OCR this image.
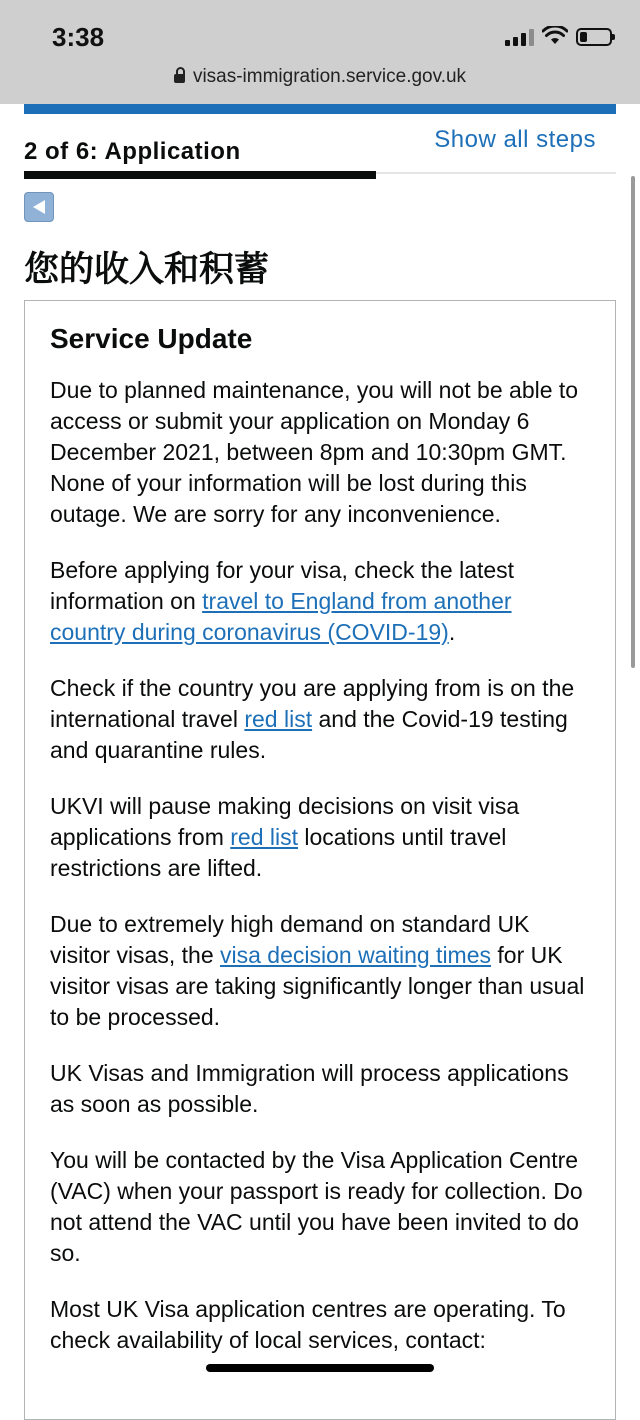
3:38
visas-immigration.service.gov.uk
2 of 6: Application	Show all steps
您的收入和积蓄
Service Update

Due to planned maintenance, you will not be able to access or submit your application on Monday 6 December 2021, between 8pm and 10:30pm GMT. None of your information will be lost during this outage. We are sorry for any inconvenience.

Before applying for your visa, check the latest information on travel to England from another country during coronavirus (COVID-19).

Check if the country you are applying from is on the international travel red list and the Covid-19 testing and quarantine rules.

UKVI will pause making decisions on visit visa applications from red list locations until travel restrictions are lifted.

Due to extremely high demand on standard UK visitor visas, the visa decision waiting times for UK visitor visas are taking significantly longer than usual to be processed.

UK Visas and Immigration will process applications as soon as possible.

You will be contacted by the Visa Application Centre (VAC) when your passport is ready for collection. Do not attend the VAC until you have been invited to do so.

Most UK Visa application centres are operating. To check availability of local services, contact:
